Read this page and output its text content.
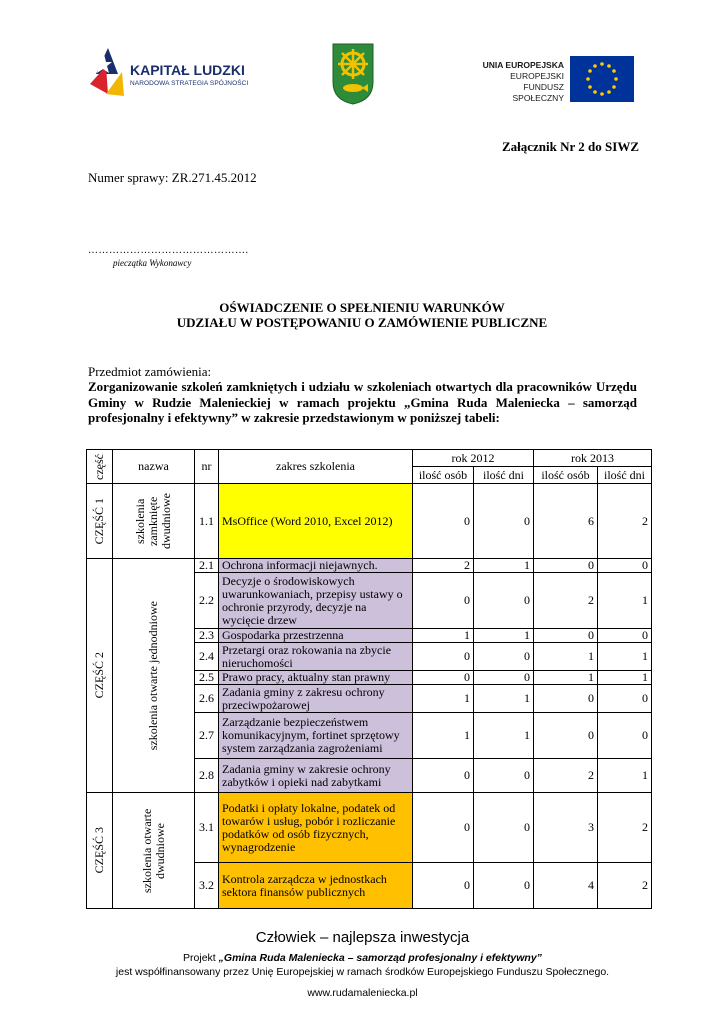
KAPITAŁ LUDZKI
NARODOWA STRATEGIA SPÓJNOŚCI
UNIA EUROPEJSKA
EUROPEJSKI
FUNDUSZ SPOŁECZNY
Załącznik Nr 2 do SIWZ
Numer sprawy: ZR.271.45.2012
……………………………………….
pieczątka Wykonawcy
OŚWIADCZENIE O SPEŁNIENIU WARUNKÓW
UDZIAŁU W POSTĘPOWANIU O ZAMÓWIENIE PUBLICZNE
Przedmiot zamówienia:
Zorganizowanie szkoleń zamkniętych i udziału w szkoleniach otwartych dla pracowników Urzędu Gminy w Rudzie Malenieckiej w ramach projektu „Gmina Ruda Maleniecka – samorząd profesjonalny i efektywny” w zakresie przedstawionym w poniższej tabeli:
część	nazwa	nr	zakres szkolenia	rok 2012		rok 2013	
				ilość osób	ilość dni	ilość osób	ilość dni

CZĘŚĆ 1	szkolenia zamknięte dwudniowe	1.1	MsOffice (Word 2010, Excel 2012)	0	0	6	2

CZĘŚĆ 2	szkolenia otwarte jednodniowe	2.1	Ochrona informacji niejawnych.	2	1	0	0
		2.2	Decyzje o środowiskowych uwarunkowaniach, przepisy ustawy o ochronie przyrody, decyzje na wycięcie drzew	0	0	2	1
		2.3	Gospodarka przestrzenna	1	1	0	0
		2.4	Przetargi oraz rokowania na zbycie nieruchomości	0	0	1	1
		2.5	Prawo pracy, aktualny stan prawny	0	0	1	1
		2.6	Zadania gminy z zakresu ochrony przeciwpożarowej	1	1	0	0
		2.7	Zarządzanie bezpieczeństwem komunikacyjnym, fortinet sprzętowy system zarządzania zagrożeniami	1	1	0	0
		2.8	Zadania gminy w zakresie ochrony zabytków i opieki nad zabytkami	0	0	2	1

CZĘŚĆ 3	szkolenia otwarte dwudniowe	3.1	Podatki i opłaty lokalne, podatek od towarów i usług, pobór i rozliczanie podatków od osób fizycznych, wynagrodzenie	0	0	3	2
		3.2	Kontrola zarządcza w jednostkach sektora finansów publicznych	0	0	4	2
Człowiek – najlepsza inwestycja
Projekt „Gmina Ruda Maleniecka – samorząd profesjonalny i efektywny”
jest współfinansowany przez Unię Europejskiej w ramach środków Europejskiego Funduszu Społecznego.
www.rudamaleniecka.pl
